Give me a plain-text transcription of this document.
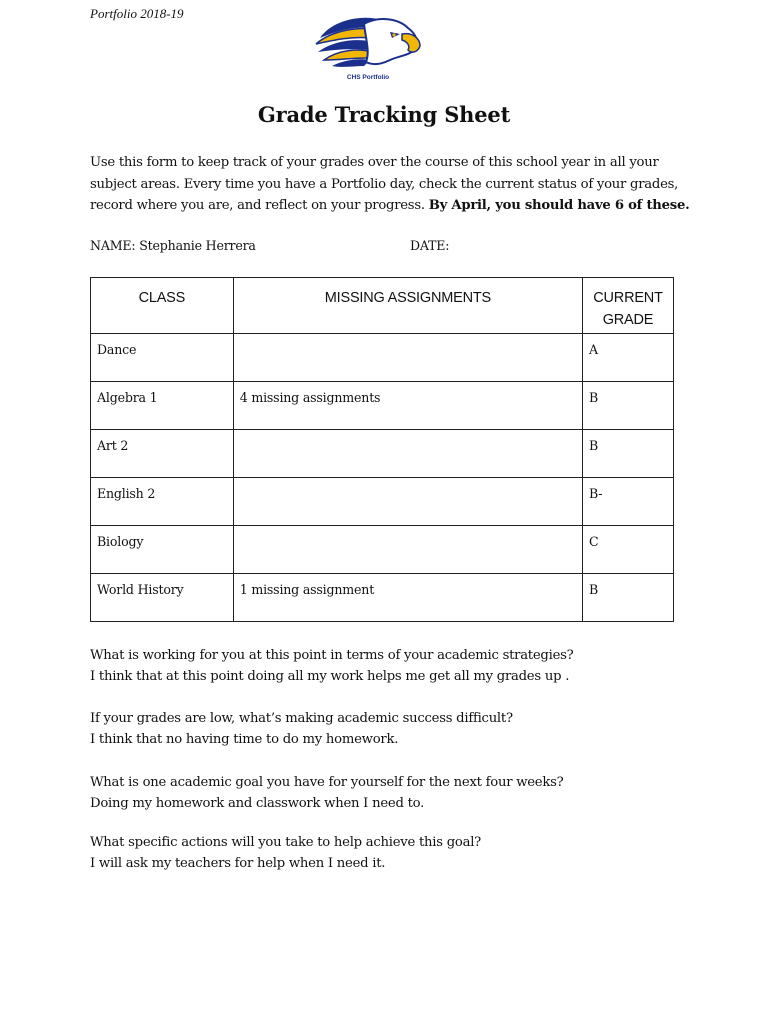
Portfolio 2018-19
CHS Portfolio
Grade Tracking Sheet
Use this form to keep track of your grades over the course of this school year in all your subject areas. Every time you have a Portfolio day, check the current status of your grades, record where you are, and reflect on your progress. By April, you should have 6 of these.
NAME: Stephanie Herrera	DATE:
CLASS	MISSING ASSIGNMENTS	CURRENT GRADE
Dance		A
Algebra 1	4 missing assignments	B
Art 2		B
English 2		B-
Biology		C
World History	1 missing assignment	B
What is working for you at this point in terms of your academic strategies?
I think that at this point doing all my work helps me get all my grades up .
If your grades are low, what’s making academic success difficult?
I think that no having time to do my homework.
What is one academic goal you have for yourself for the next four weeks?
Doing my homework and classwork when I need to.
What specific actions will you take to help achieve this goal?
I will ask my teachers for help when I need it.
